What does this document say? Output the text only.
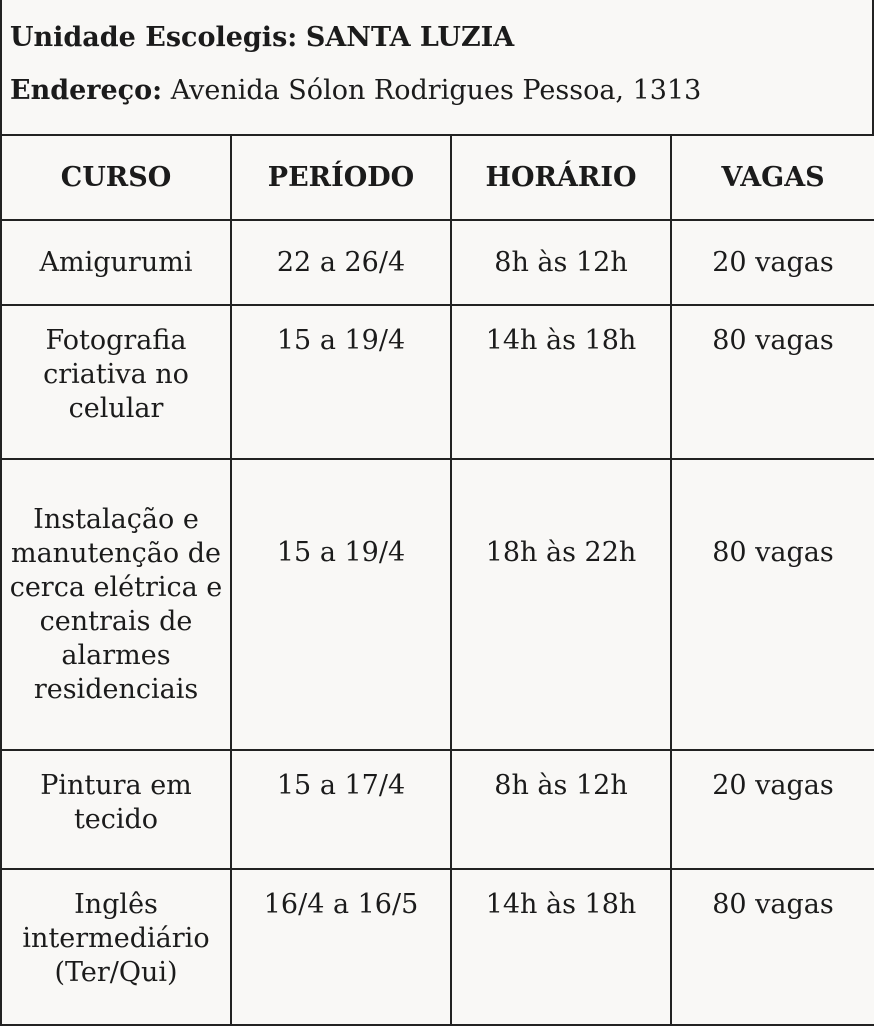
Unidade Escolegis: SANTA LUZIA
Endereço: Avenida Sólon Rodrigues Pessoa, 1313
CURSO	PERÍODO	HORÁRIO	VAGAS
Amigurumi	22 a 26/4	8h às 12h	20 vagas
Fotografia criativa no celular	15 a 19/4	14h às 18h	80 vagas
Instalação e manutenção de cerca elétrica e centrais de alarmes residenciais	15 a 19/4	18h às 22h	80 vagas
Pintura em tecido	15 a 17/4	8h às 12h	20 vagas
Inglês intermediário (Ter/Qui)	16/4 a 16/5	14h às 18h	80 vagas
